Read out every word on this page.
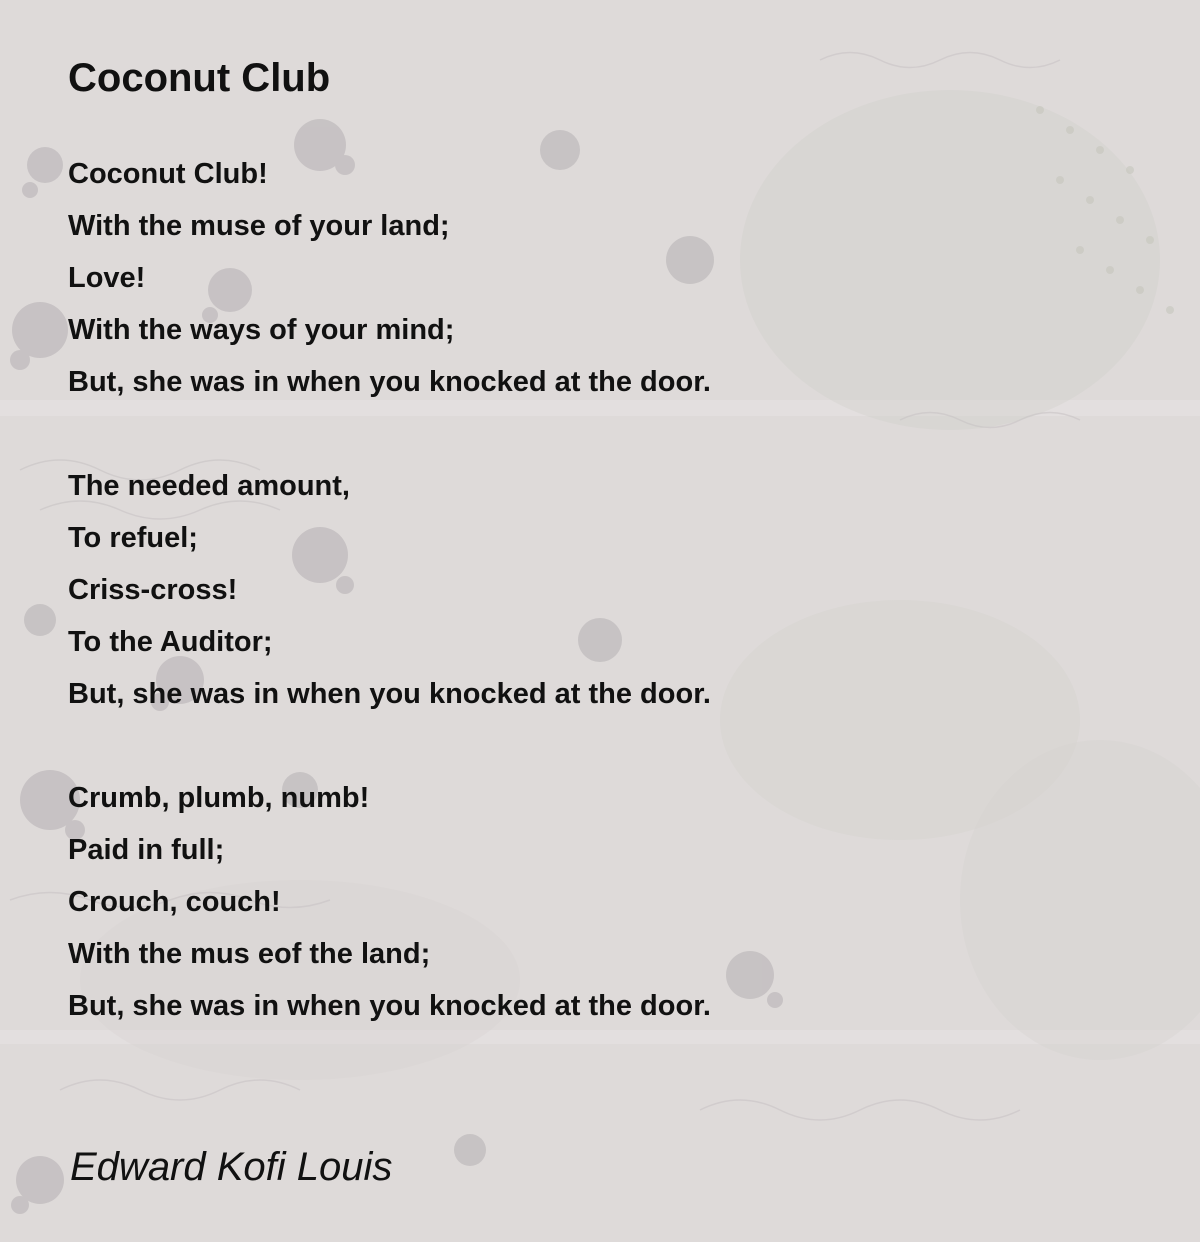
Coconut Club
Coconut Club!
With the muse of your land;
Love!
With the ways of your mind;
But, she was in when you knocked at the door.
The needed amount,
To refuel;
Criss-cross!
To the Auditor;
But, she was in when you knocked at the door.
Crumb, plumb, numb!
Paid in full;
Crouch, couch!
With the mus eof the land;
But, she was in when you knocked at the door.

Edward Kofi Louis
